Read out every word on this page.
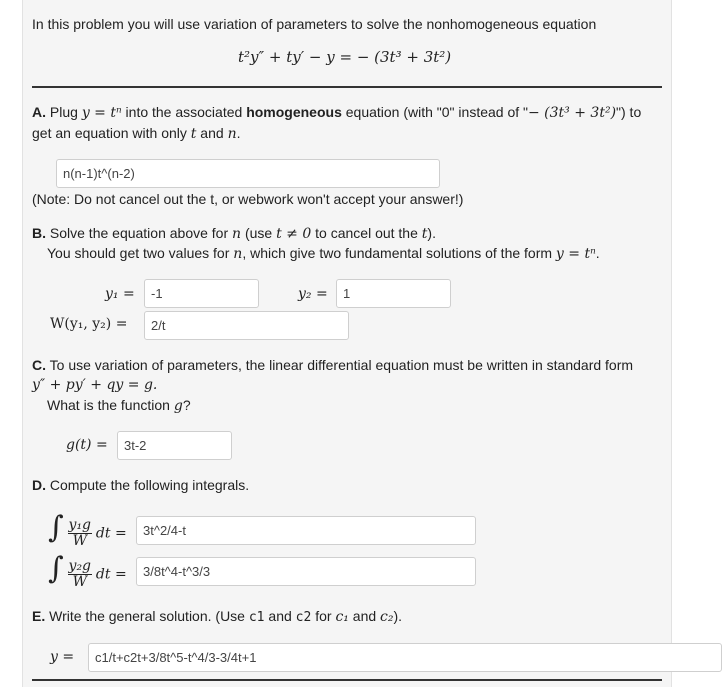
In this problem you will use variation of parameters to solve the nonhomogeneous equation
t²y″ + ty′ − y = − (3t³ + 3t²)
A. Plug y = tⁿ into the associated homogeneous equation (with "0" instead of "− (3t³ + 3t²)") to
get an equation with only t and n.
n(n-1)t^(n-2)
(Note: Do not cancel out the t, or webwork won't accept your answer!)
B. Solve the equation above for n (use t ≠ 0 to cancel out the t).
You should get two values for n, which give two fundamental solutions of the form y = tⁿ.
y₁ =
-1	y₂ =
1
W(y₁, y₂) =
2/t
C. To use variation of parameters, the linear differential equation must be written in standard form
y″ + py′ + qy = g.
What is the function g?
g(t) =
3t-2
D. Compute the following integrals.
∫ $\frac{\text{y₁g}}{W}$ dt =
3t^2/4-t
∫ $\frac{\text{y₂g}}{W}$ dt =
3/8t^4-t^3/3
E. Write the general solution. (Use c1 and c2 for c₁ and c₂).
y =
c1/t+c2t+3/8t^5-t^4/3-3/4t+1
